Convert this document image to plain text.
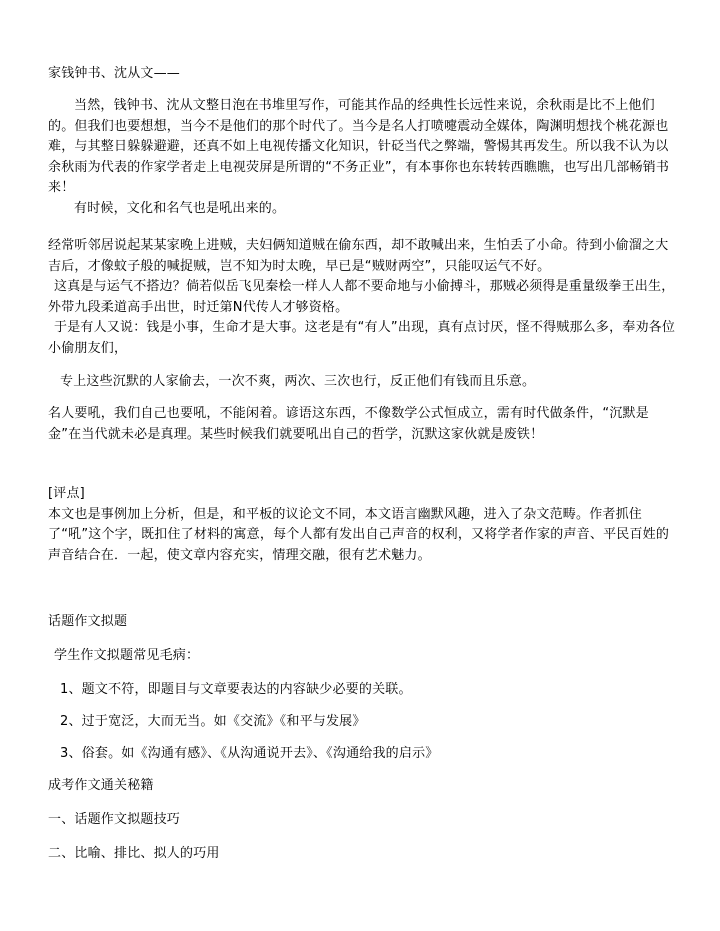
家钱钟书、沈从文——

当然，钱钟书、沈从文整日泡在书堆里写作，可能其作品的经典性长远性来说，余秋雨是比不上他们的。但我们也要想想，当今不是他们的那个时代了。当今是名人打喷嚏震动全媒体，陶渊明想找个桃花源也难，与其整日躲躲避避，还真不如上电视传播文化知识，针砭当代之弊端，警惕其再发生。所以我不认为以余秋雨为代表的作家学者走上电视荧屏是所谓的“不务正业”，有本事你也东转转西瞧瞧，也写出几部畅销书来！

有时候，文化和名气也是吼出来的。

经常听邻居说起某某家晚上进贼，夫妇俩知道贼在偷东西，却不敢喊出来，生怕丢了小命。待到小偷溜之大吉后，才像蚊子般的喊捉贼，岂不知为时太晚，早已是“贼财两空”，只能叹运气不好。

这真是与运气不搭边？倘若似岳飞见秦桧一样人人都不要命地与小偷搏斗，那贼必须得是重量级拳王出生，外带九段柔道高手出世，时迁第N代传人才够资格。

于是有人又说：钱是小事，生命才是大事。这老是有“有人”出现，真有点讨厌，怪不得贼那么多，奉劝各位小偷朋友们，

专上这些沉默的人家偷去，一次不爽，两次、三次也行，反正他们有钱而且乐意。

名人要吼，我们自己也要吼，不能闲着。谚语这东西，不像数学公式恒成立，需有时代做条件，“沉默是金”在当代就未必是真理。某些时候我们就要吼出自己的哲学，沉默这家伙就是废铁！

[评点]

本文也是事例加上分析，但是，和平板的议论文不同，本文语言幽默风趣，进入了杂文范畴。作者抓住了“吼”这个字，既扣住了材料的寓意，每个人都有发出自己声音的权利，又将学者作家的声音、平民百姓的声音结合在．一起，使文章内容充实，情理交融，很有艺术魅力。

话题作文拟题

学生作文拟题常见毛病：

1、题文不符，即题目与文章要表达的内容缺少必要的关联。

2、过于宽泛，大而无当。如《交流》《和平与发展》

3、俗套。如《沟通有感》、《从沟通说开去》、《沟通给我的启示》

成考作文通关秘籍

一、话题作文拟题技巧

二、比喻、排比、拟人的巧用
